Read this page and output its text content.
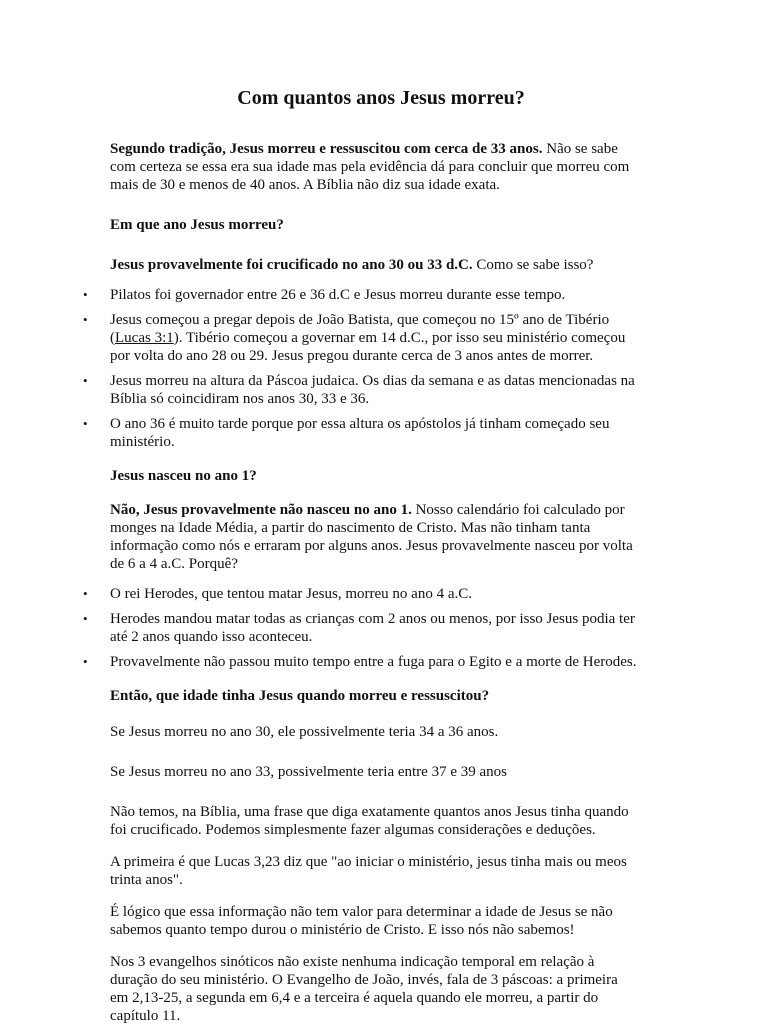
Com quantos anos Jesus morreu?

Segundo tradição, Jesus morreu e ressuscitou com cerca de 33 anos. Não se sabe com certeza se essa era sua idade mas pela evidência dá para concluir que morreu com mais de 30 e menos de 40 anos. A Bíblia não diz sua idade exata.

Em que ano Jesus morreu?

Jesus provavelmente foi crucificado no ano 30 ou 33 d.C. Como se sabe isso?

• Pilatos foi governador entre 26 e 36 d.C e Jesus morreu durante esse tempo.
• Jesus começou a pregar depois de João Batista, que começou no 15º ano de Tibério (Lucas 3:1). Tibério começou a governar em 14 d.C., por isso seu ministério começou por volta do ano 28 ou 29. Jesus pregou durante cerca de 3 anos antes de morrer.
• Jesus morreu na altura da Páscoa judaica. Os dias da semana e as datas mencionadas na Bíblia só coincidiram nos anos 30, 33 e 36.
• O ano 36 é muito tarde porque por essa altura os apóstolos já tinham começado seu ministério.

Jesus nasceu no ano 1?

Não, Jesus provavelmente não nasceu no ano 1. Nosso calendário foi calculado por monges na Idade Média, a partir do nascimento de Cristo. Mas não tinham tanta informação como nós e erraram por alguns anos. Jesus provavelmente nasceu por volta de 6 a 4 a.C. Porquê?

• O rei Herodes, que tentou matar Jesus, morreu no ano 4 a.C.
• Herodes mandou matar todas as crianças com 2 anos ou menos, por isso Jesus podia ter até 2 anos quando isso aconteceu.
• Provavelmente não passou muito tempo entre a fuga para o Egito e a morte de Herodes.

Então, que idade tinha Jesus quando morreu e ressuscitou?

Se Jesus morreu no ano 30, ele possivelmente teria 34 a 36 anos.

Se Jesus morreu no ano 33, possivelmente teria entre 37 e 39 anos

Não temos, na Bíblia, uma frase que diga exatamente quantos anos Jesus tinha quando foi crucificado. Podemos simplesmente fazer algumas considerações e deduções.

A primeira é que Lucas 3,23 diz que "ao iniciar o ministério, jesus tinha mais ou meos trinta anos".

É lógico que essa informação não tem valor para determinar a idade de Jesus se não sabemos quanto tempo durou o ministério de Cristo. E isso nós não sabemos!

Nos 3 evangelhos sinóticos não existe nenhuma indicação temporal em relação à duração do seu ministério. O Evangelho de João, invés, fala de 3 páscoas: a primeira em 2,13-25, a segunda em 6,4 e a terceira é aquela quando ele morreu, a partir do capítulo 11.
